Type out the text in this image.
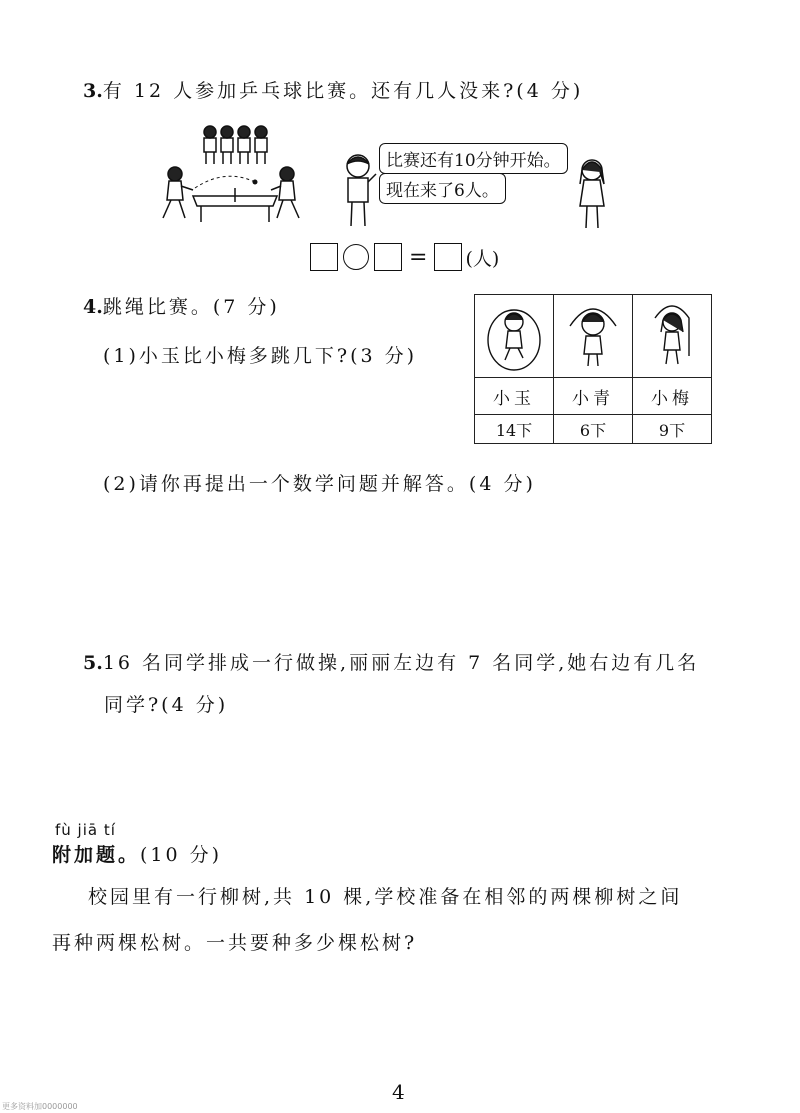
3.有 12 人参加乒乓球比赛。还有几人没来?(4 分)
比赛还有10分钟开始。
现在来了6人。
= (人)
4.跳绳比赛。(7 分)
(1)小玉比小梅多跳几下?(3 分)

小玉	小青	小梅
14下	6下	9下
(2)请你再提出一个数学问题并解答。(4 分)
5.16 名同学排成一行做操,丽丽左边有 7 名同学,她右边有几名
同学?(4 分)
fù jiā tí
附加题。(10 分)
校园里有一行柳树,共 10 棵,学校准备在相邻的两棵柳树之间
再种两棵松树。一共要种多少棵松树?
4
更多资料加0000000
